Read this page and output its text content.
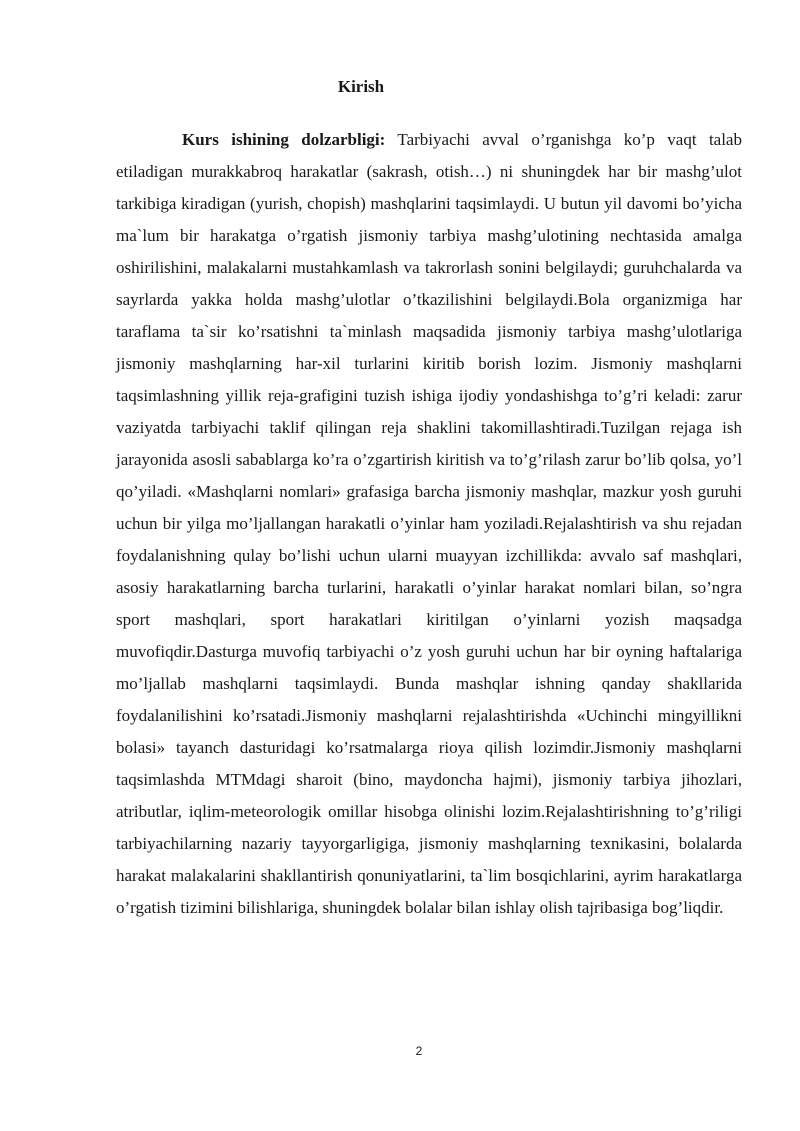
Kirish

Kurs ishining dolzarbligi: Tarbiyachi avval o’rganishga ko’p vaqt talab etiladigan murakkabroq harakatlar (sakrash, otish…) ni shuningdek har bir mashg’ulot tarkibiga kiradigan (yurish, chopish) mashqlarini taqsimlaydi. U butun yil davomi bo’yicha ma`lum bir harakatga o’rgatish jismoniy tarbiya mashg’ulotining nechtasida amalga oshirilishini, malakalarni mustahkamlash va takrorlash sonini belgilaydi; guruhchalarda va sayrlarda yakka holda mashg’ulotlar o’tkazilishini belgilaydi.Bola organizmiga har taraflama ta`sir ko’rsatishni ta`minlash maqsadida jismoniy tarbiya mashg’ulotlariga jismoniy mashqlarning har-xil turlarini kiritib borish lozim. Jismoniy mashqlarni taqsimlashning yillik reja-grafigini tuzish ishiga ijodiy yondashishga to’g’ri keladi: zarur vaziyatda tarbiyachi taklif qilingan reja shaklini takomillashtiradi.Tuzilgan rejaga ish jarayonida asosli sabablarga ko’ra o’zgartirish kiritish va to’g’rilash zarur bo’lib qolsa, yo’l qo’yiladi. «Mashqlarni nomlari» grafasiga barcha jismoniy mashqlar, mazkur yosh guruhi uchun bir yilga mo’ljallangan harakatli o’yinlar ham yoziladi.Rejalashtirish va shu rejadan foydalanishning qulay bo’lishi uchun ularni muayyan izchillikda: avvalo saf mashqlari, asosiy harakatlarning barcha turlarini, harakatli o’yinlar harakat nomlari bilan, so’ngra sport mashqlari, sport harakatlari kiritilgan o’yinlarni yozish maqsadga muvofiqdir.Dasturga muvofiq tarbiyachi o’z yosh guruhi uchun har bir oyning haftalariga mo’ljallab mashqlarni taqsimlaydi. Bunda mashqlar ishning qanday shakllarida foydalanilishini ko’rsatadi.Jismoniy mashqlarni rejalashtirishda «Uchinchi mingyillikni bolasi» tayanch dasturidagi ko’rsatmalarga rioya qilish lozimdir.Jismoniy mashqlarni taqsimlashda MTMdagi sharoit (bino, maydoncha hajmi), jismoniy tarbiya jihozlari, atributlar, iqlim-meteorologik omillar hisobga olinishi lozim.Rejalashtirishning to’g’riligi tarbiyachilarning nazariy tayyorgarligiga, jismoniy mashqlarning texnikasini, bolalarda harakat malakalarini shakllantirish qonuniyatlarini, ta`lim bosqichlarini, ayrim harakatlarga o’rgatish tizimini bilishlariga, shuningdek bolalar bilan ishlay olish tajribasiga bog’liqdir.

2
